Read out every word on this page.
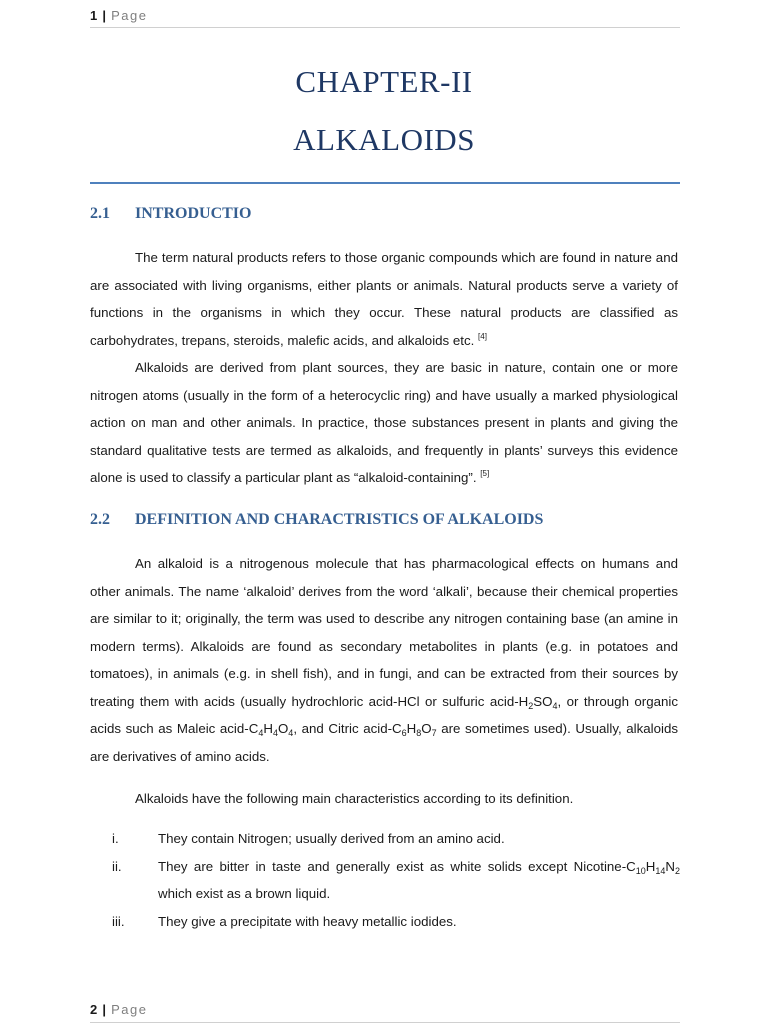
1 | Page
CHAPTER-II
ALKALOIDS
2.1 INTRODUCTIO
The term natural products refers to those organic compounds which are found in nature and are associated with living organisms, either plants or animals. Natural products serve a variety of functions in the organisms in which they occur. These natural products are classified as carbohydrates, trepans, steroids, malefic acids, and alkaloids etc. [4]
Alkaloids are derived from plant sources, they are basic in nature, contain one or more nitrogen atoms (usually in the form of a heterocyclic ring) and have usually a marked physiological action on man and other animals. In practice, those substances present in plants and giving the standard qualitative tests are termed as alkaloids, and frequently in plants’ surveys this evidence alone is used to classify a particular plant as “alkaloid-containing”. [5]
2.2 DEFINITION AND CHARACTRISTICS OF ALKALOIDS
An alkaloid is a nitrogenous molecule that has pharmacological effects on humans and other animals. The name ‘alkaloid’ derives from the word ‘alkali’, because their chemical properties are similar to it; originally, the term was used to describe any nitrogen containing base (an amine in modern terms). Alkaloids are found as secondary metabolites in plants (e.g. in potatoes and tomatoes), in animals (e.g. in shell fish), and in fungi, and can be extracted from their sources by treating them with acids (usually hydrochloric acid-HCl or sulfuric acid-$H_2SO_4$, or through organic acids such as Maleic acid-$C_4H_4O_4$, and Citric acid-$C_6H_8O_7$ are sometimes used). Usually, alkaloids are derivatives of amino acids.
Alkaloids have the following main characteristics according to its definition.
i.	They contain Nitrogen; usually derived from an amino acid.
ii.	They are bitter in taste and generally exist as white solids except Nicotine-$C_{10}H_{14}N_2$ which exist as a brown liquid.
iii.	They give a precipitate with heavy metallic iodides.
2 | Page
